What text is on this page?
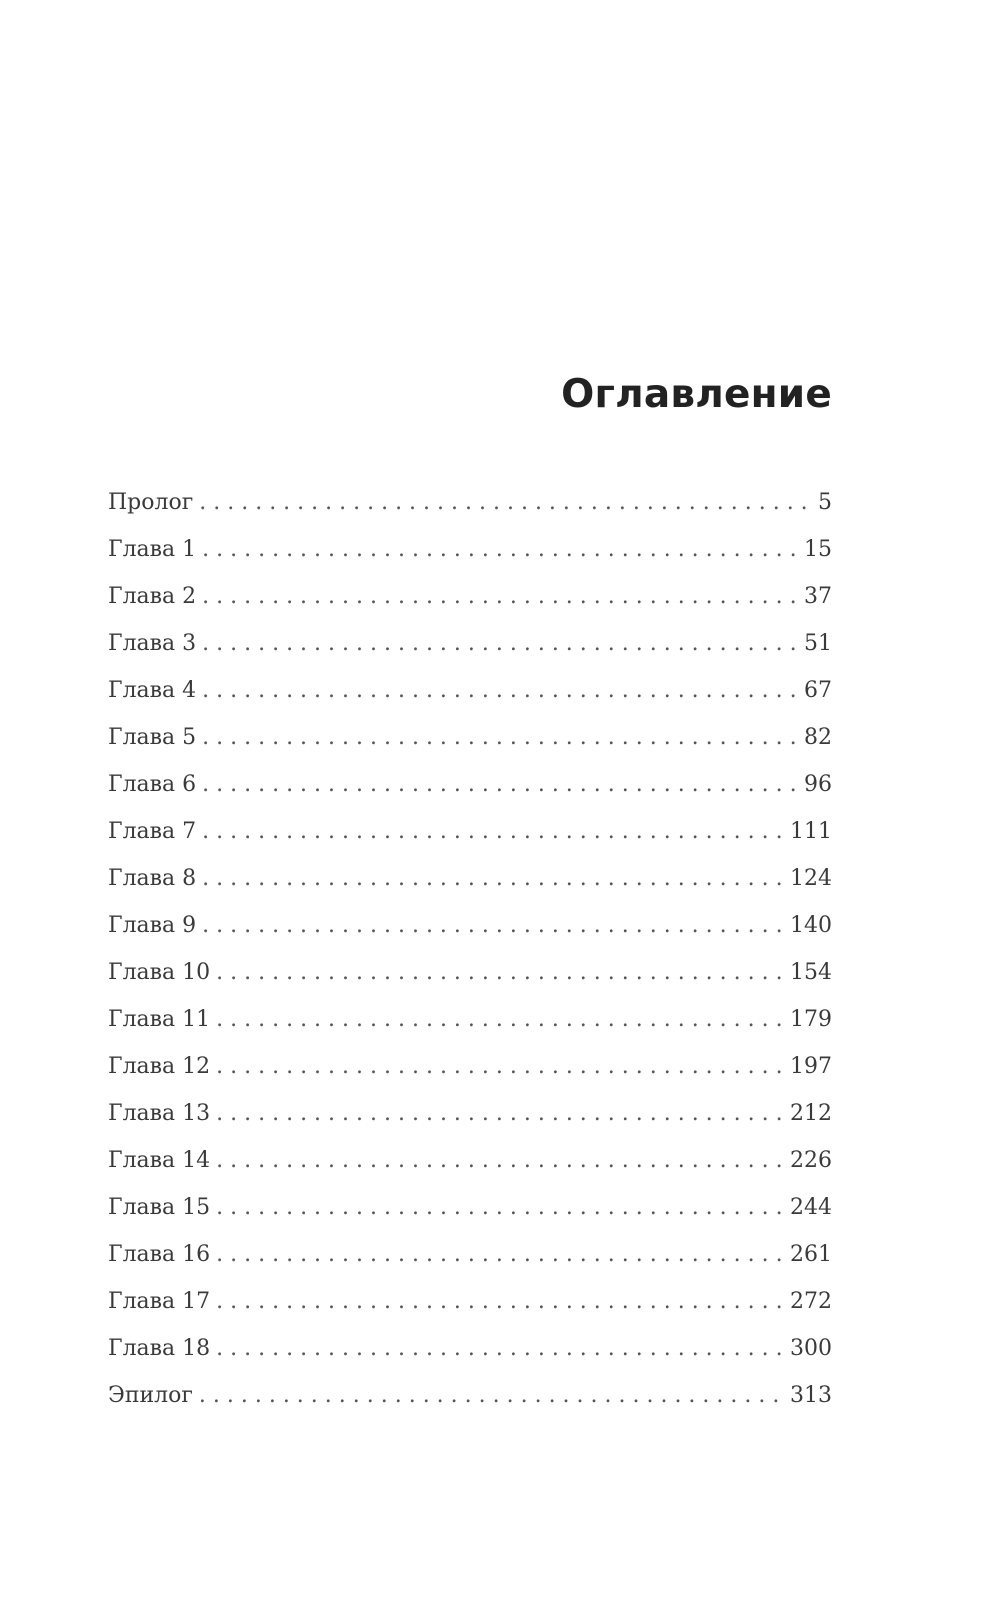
Оглавление
Пролог . . .	5
Глава 1 . . .	15
Глава 2 . . .	37
Глава 3 . . .	51
Глава 4 . . .	67
Глава 5 . . .	82
Глава 6 . . .	96
Глава 7 . . .	111
Глава 8 . . .	124
Глава 9 . . .	140
Глава 10 . . .	154
Глава 11 . . .	179
Глава 12 . . .	197
Глава 13 . . .	212
Глава 14 . . .	226
Глава 15 . . .	244
Глава 16 . . .	261
Глава 17 . . .	272
Глава 18 . . .	300
Эпилог . . .	313
